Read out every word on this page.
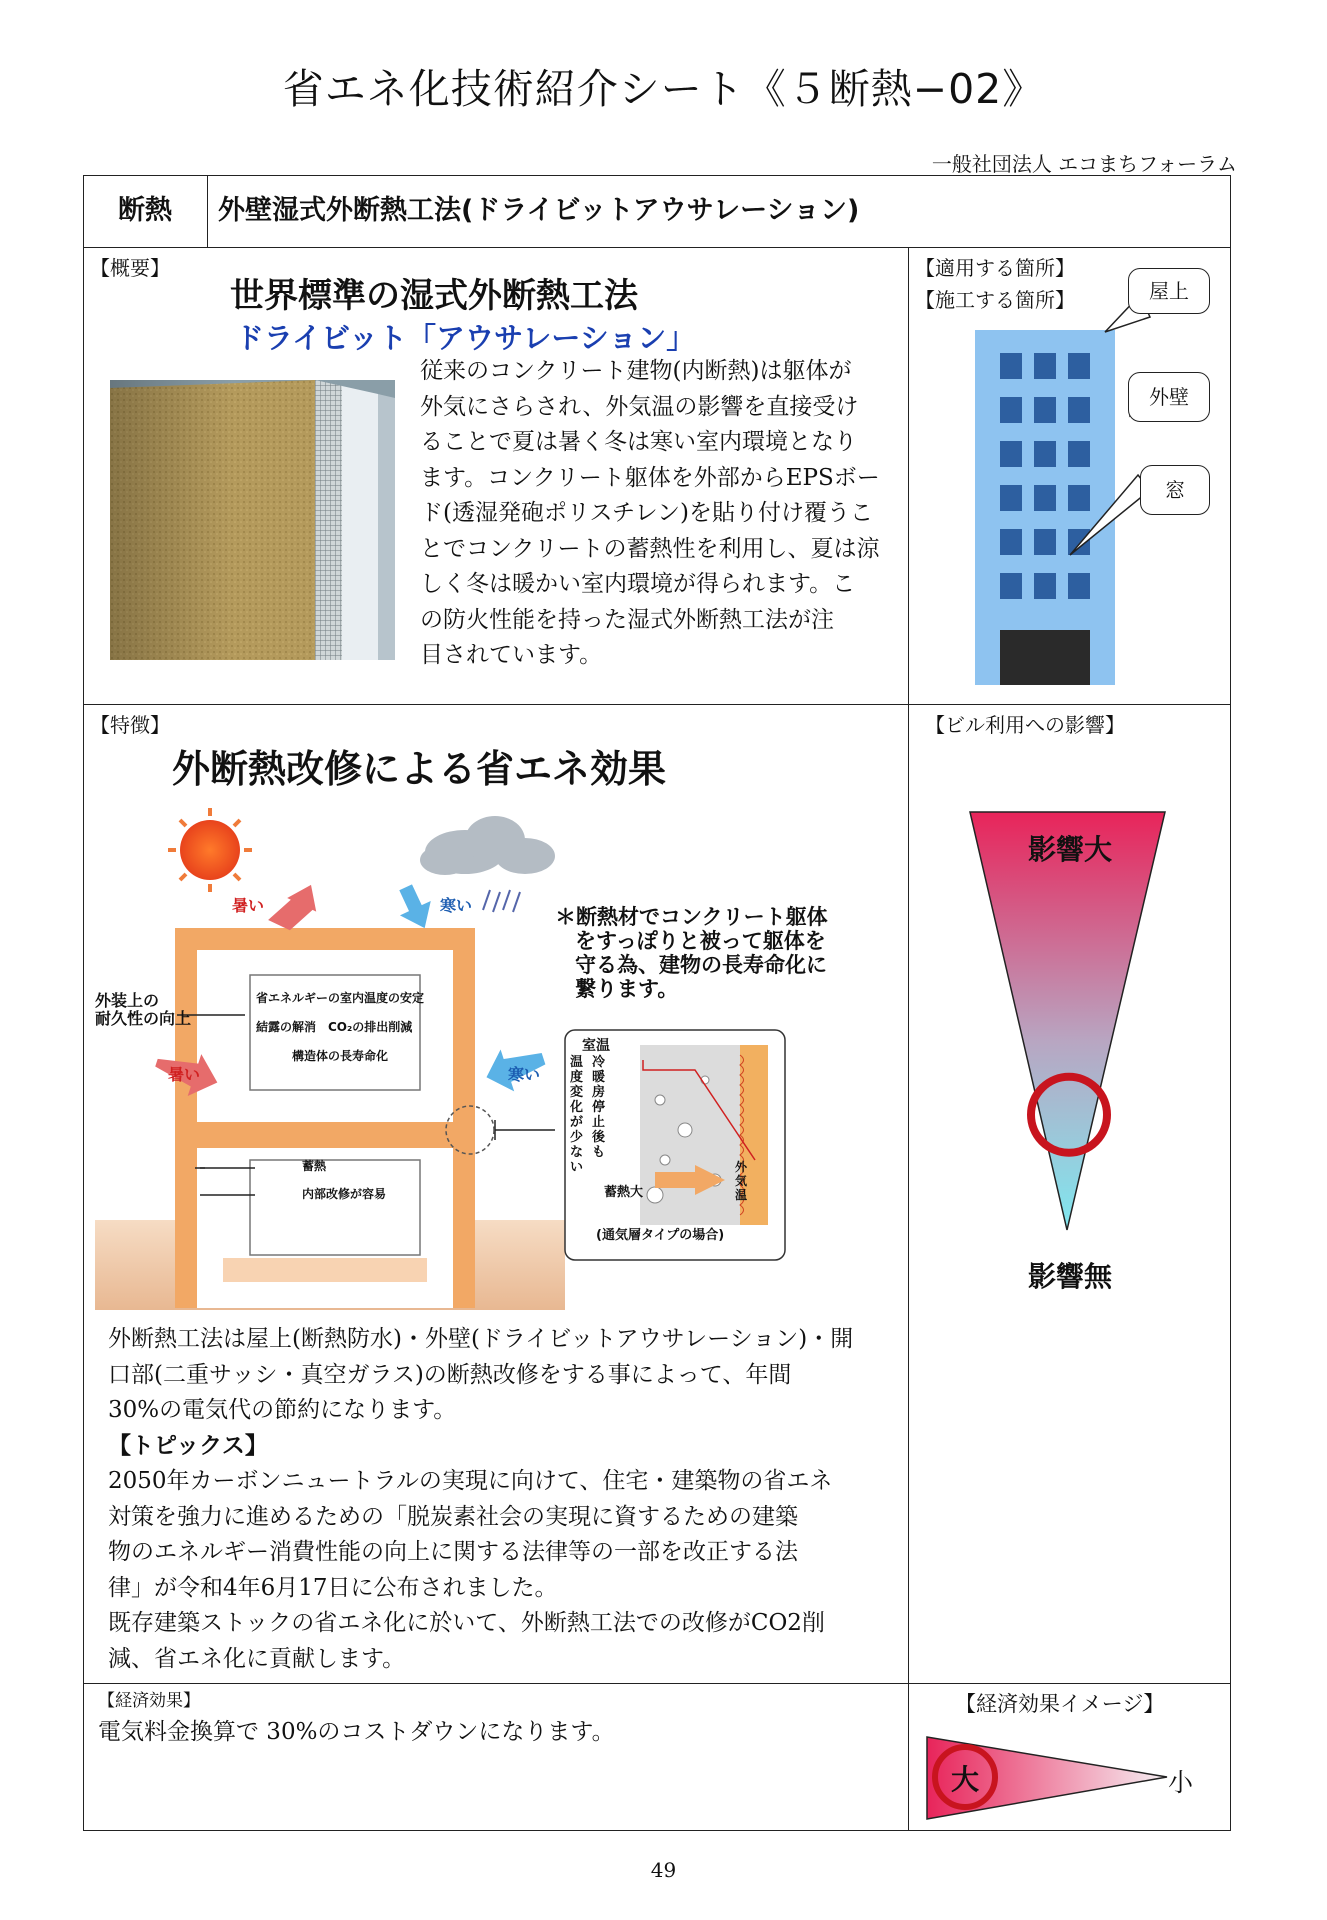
省エネ化技術紹介シート《５断熱−02》
一般社団法人 エコまちフォーラム
断熱	外壁湿式外断熱工法(ドライビットアウサレーション)
【概要】
世界標準の湿式外断熱工法
ドライビット「アウサレーション」
従来のコンクリート建物(内断熱)は躯体が
外気にさらされ、外気温の影響を直接受け
ることで夏は暑く冬は寒い室内環境となり
ます。コンクリート躯体を外部からEPSボー
ド(透湿発砲ポリスチレン)を貼り付け覆うこ
とでコンクリートの蓄熱性を利用し、夏は涼
しく冬は暖かい室内環境が得られます。こ
の防火性能を持った湿式外断熱工法が注
目されています。
【適用する箇所】
【施工する箇所】	屋上
外壁
窓
【特徴】
外断熱改修による省エネ効果
暑い	寒い	＊断熱材でコンクリート躯体
をすっぽりと被って躯体を
守る為、建物の長寿命化に
繋ります。
外装上の
耐久性の向上
暑い	寒い
省エネルギーの室内温度の安定
結露の解消　CO₂の排出削減
構造体の長寿命化
蓄熱
内部改修が容易
室温
温度変化が少ない
冷暖房停止後も
蓄熱大
外気温
(通気層タイプの場合)
外断熱工法は屋上(断熱防水)・外壁(ドライビットアウサレーション)・開
口部(二重サッシ・真空ガラス)の断熱改修をする事によって、年間
30%の電気代の節約になります。
【トピックス】
2050年カーボンニュートラルの実現に向けて、住宅・建築物の省エネ
対策を強力に進めるための「脱炭素社会の実現に資するための建築
物のエネルギー消費性能の向上に関する法律等の一部を改正する法
律」が令和4年6月17日に公布されました。
既存建築ストックの省エネ化に於いて、外断熱工法での改修がCO2削
減、省エネ化に貢献します。
【ビル利用への影響】
影響大
影響無
【経済効果】
電気料金換算で 30%のコストダウンになります。
【経済効果イメージ】
大	小
49
